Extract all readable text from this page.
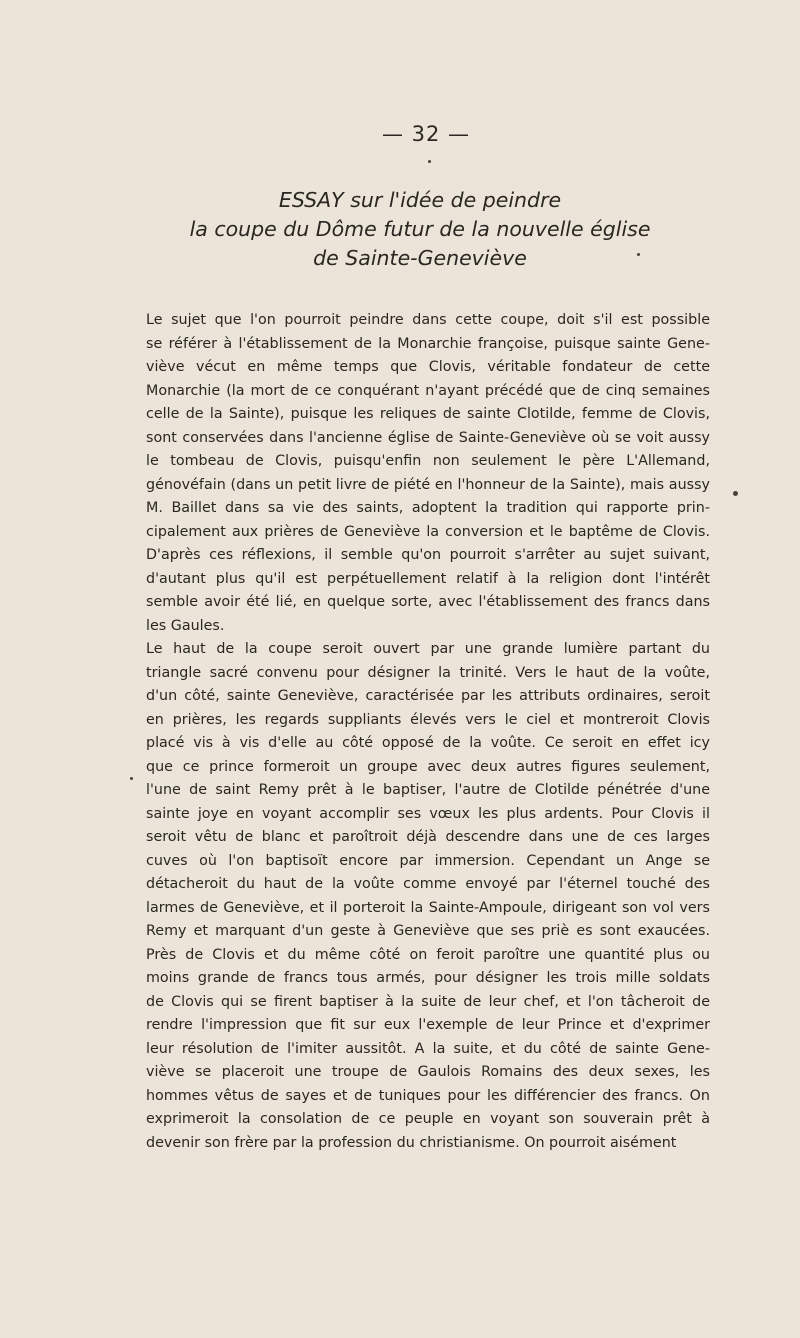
— 32 —
ESSAY sur l'idée de peindre
la coupe du Dôme futur de la nouvelle église
de Sainte-Geneviève
Le sujet que l'on pourroit peindre dans cette coupe, doit s'il est possible
se référer à l'établissement de la Monarchie françoise, puisque sainte Gene-
viève vécut en même temps que Clovis, véritable fondateur de cette
Monarchie (la mort de ce conquérant n'ayant précédé que de cinq semaines
celle de la Sainte), puisque les reliques de sainte Clotilde, femme de Clovis,
sont conservées dans l'ancienne église de Sainte-Geneviève où se voit aussy
le tombeau de Clovis, puisqu'enfin non seulement le père L'Allemand,
génovéfain (dans un petit livre de piété en l'honneur de la Sainte), mais aussy
M. Baillet dans sa vie des saints, adoptent la tradition qui rapporte prin-
cipalement aux prières de Geneviève la conversion et le baptême de Clovis.
D'après ces réflexions, il semble qu'on pourroit s'arrêter au sujet suivant,
d'autant plus qu'il est perpétuellement relatif à la religion dont l'intérêt
semble avoir été lié, en quelque sorte, avec l'établissement des francs dans
les Gaules.
Le haut de la coupe seroit ouvert par une grande lumière partant du
triangle sacré convenu pour désigner la trinité. Vers le haut de la voûte,
d'un côté, sainte Geneviève, caractérisée par les attributs ordinaires, seroit
en prières, les regards suppliants élevés vers le ciel et montreroit Clovis
placé vis à vis d'elle au côté opposé de la voûte. Ce seroit en effet icy
que ce prince formeroit un groupe avec deux autres figures seulement,
l'une de saint Remy prêt à le baptiser, l'autre de Clotilde pénétrée d'une
sainte joye en voyant accomplir ses vœux les plus ardents. Pour Clovis il
seroit vêtu de blanc et paroîtroit déjà descendre dans une de ces larges
cuves où l'on baptisoït encore par immersion. Cependant un Ange se
détacheroit du haut de la voûte comme envoyé par l'éternel touché des
larmes de Geneviève, et il porteroit la Sainte-Ampoule, dirigeant son vol vers
Remy et marquant d'un geste à Geneviève que ses priè es sont exaucées.
Près de Clovis et du même côté on feroit paroître une quantité plus ou
moins grande de francs tous armés, pour désigner les trois mille soldats
de Clovis qui se firent baptiser à la suite de leur chef, et l'on tâcheroit de
rendre l'impression que fit sur eux l'exemple de leur Prince et d'exprimer
leur résolution de l'imiter aussitôt. A la suite, et du côté de sainte Gene-
viève se placeroit une troupe de Gaulois Romains des deux sexes, les
hommes vêtus de sayes et de tuniques pour les différencier des francs. On
exprimeroit la consolation de ce peuple en voyant son souverain prêt à
devenir son frère par la profession du christianisme. On pourroit aisément
